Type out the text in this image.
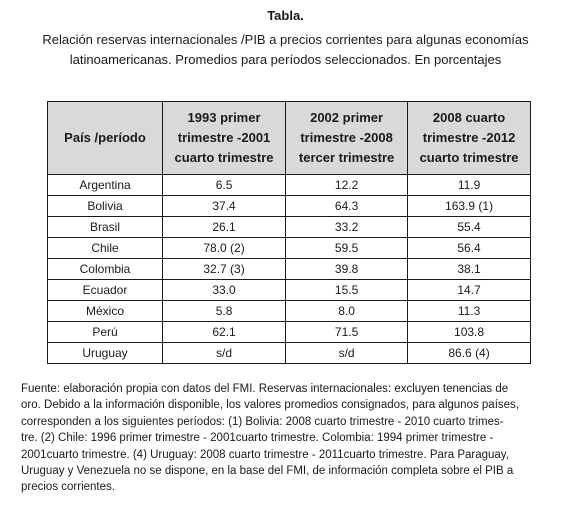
Tabla.
Relación reservas internacionales /PIB a precios corrientes para algunas economías
latinoamericanas. Promedios para períodos seleccionados. En porcentajes
País /período	1993 primer trimestre -2001 cuarto trimestre	2002 primer trimestre -2008 tercer trimestre	2008 cuarto trimestre -2012 cuarto trimestre
Argentina	6.5	12.2	11.9
Bolivia	37.4	64.3	163.9 (1)
Brasil	26.1	33.2	55.4
Chile	78.0 (2)	59.5	56.4
Colombia	32.7 (3)	39.8	38.1
Ecuador	33.0	15.5	14.7
México	5.8	8.0	11.3
Perú	62.1	71.5	103.8
Uruguay	s/d	s/d	86.6 (4)
Fuente: elaboración propia con datos del FMI. Reservas internacionales: excluyen tenencias de
oro. Debido a la información disponible, los valores promedios consignados, para algunos países,
corresponden a los siguientes períodos: (1) Bolivia: 2008 cuarto trimestre - 2010 cuarto trimes-
tre. (2) Chile: 1996 primer trimestre - 2001cuarto trimestre. Colombia: 1994 primer trimestre -
2001cuarto trimestre. (4) Uruguay: 2008 cuarto trimestre - 2011cuarto trimestre. Para Paraguay,
Uruguay y Venezuela no se dispone, en la base del FMI, de información completa sobre el PIB a
precios corrientes.
